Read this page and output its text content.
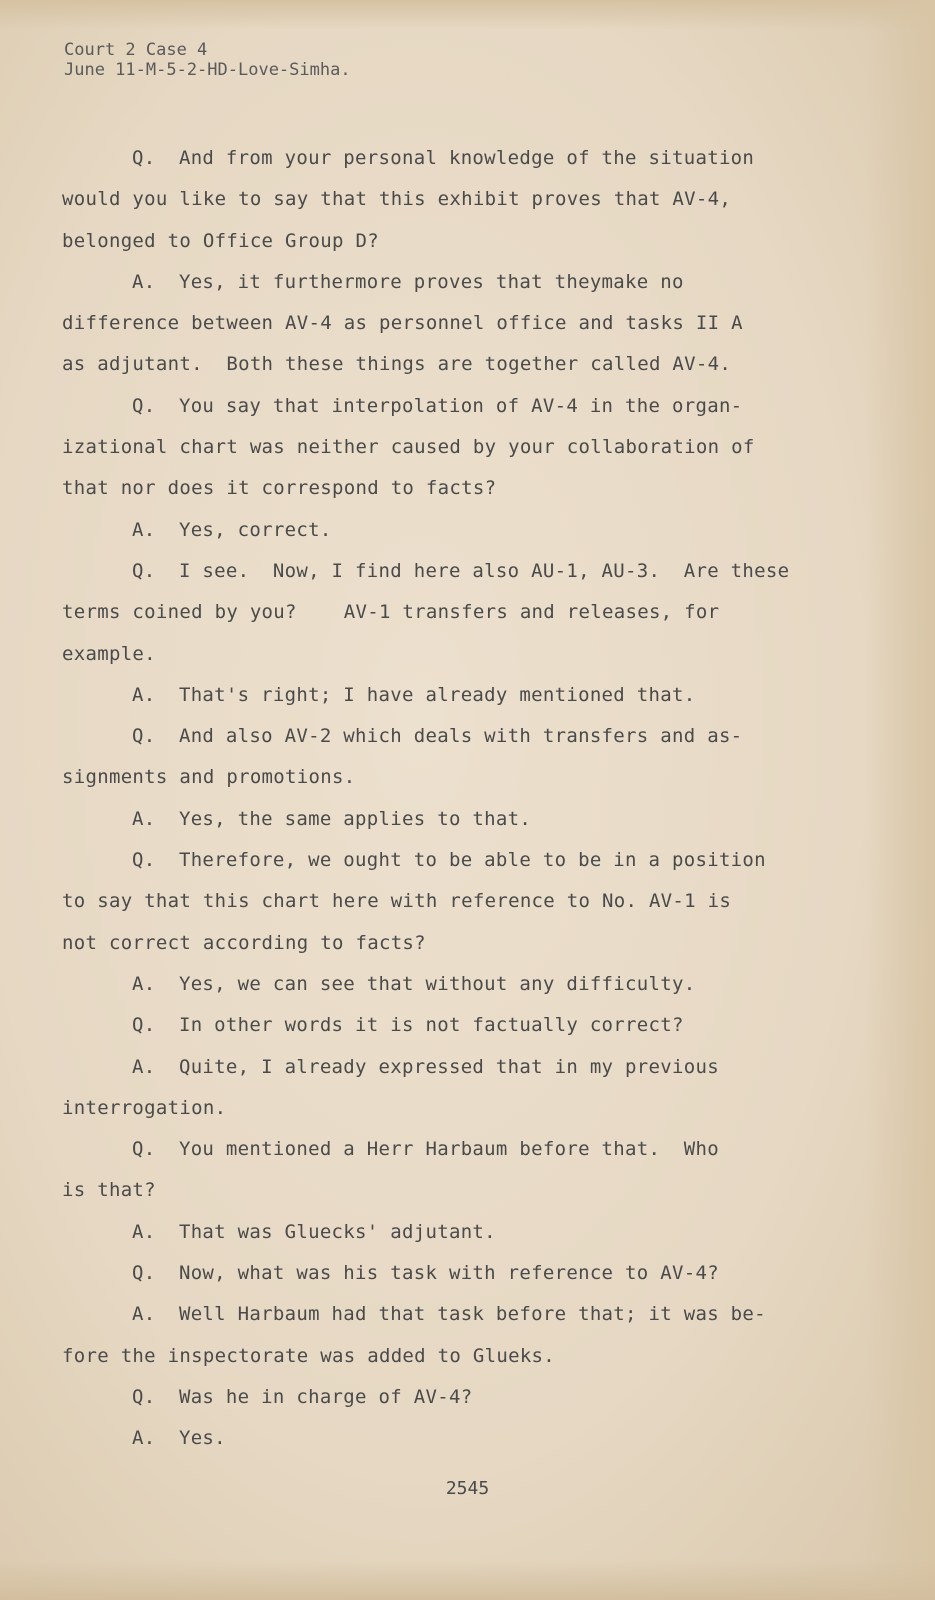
Court 2 Case 4
June 11-M-5-2-HD-Love-Simha.
Q.  And from your personal knowledge of the situation
would you like to say that this exhibit proves that AV-4,
belonged to Office Group D?
A.  Yes, it furthermore proves that theymake no
difference between AV-4 as personnel office and tasks II A
as adjutant.  Both these things are together called AV-4.
Q.  You say that interpolation of AV-4 in the organ-
izational chart was neither caused by your collaboration of
that nor does it correspond to facts?
A.  Yes, correct.
Q.  I see.  Now, I find here also AU-1, AU-3.  Are these
terms coined by you?    AV-1 transfers and releases, for
example.
A.  That's right; I have already mentioned that.
Q.  And also AV-2 which deals with transfers and as-
signments and promotions.
A.  Yes, the same applies to that.
Q.  Therefore, we ought to be able to be in a position
to say that this chart here with reference to No. AV-1 is
not correct according to facts?
A.  Yes, we can see that without any difficulty.
Q.  In other words it is not factually correct?
A.  Quite, I already expressed that in my previous
interrogation.
Q.  You mentioned a Herr Harbaum before that.  Who
is that?
A.  That was Gluecks' adjutant.
Q.  Now, what was his task with reference to AV-4?
A.  Well Harbaum had that task before that; it was be-
fore the inspectorate was added to Glueks.
Q.  Was he in charge of AV-4?
A.  Yes.
2545
